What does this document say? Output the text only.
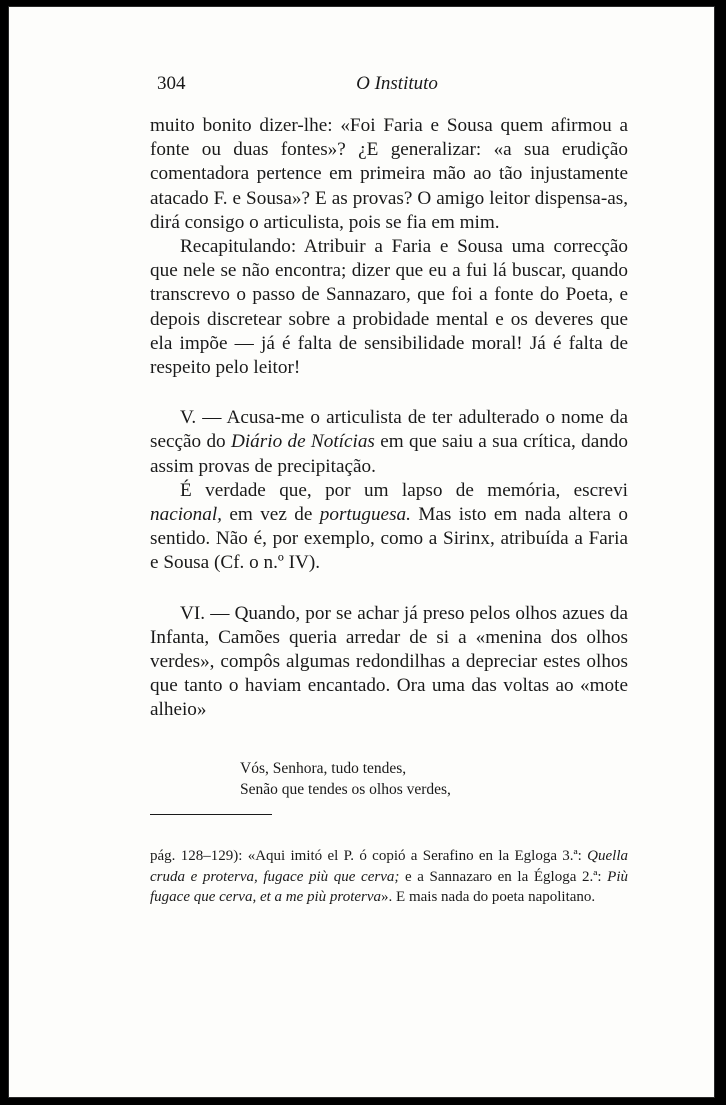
304	O Instituto

muito bonito dizer-lhe: «Foi Faria e Sousa quem afirmou a fonte ou duas fontes»? ¿E generalizar: «a sua erudição comentadora pertence em primeira mão ao tão injustamente atacado F. e Sousa»? E as provas? O amigo leitor dispensa-as, dirá consigo o articulista, pois se fia em mim.

Recapitulando: Atribuir a Faria e Sousa uma correcção que nele se não encontra; dizer que eu a fui lá buscar, quando transcrevo o passo de Sannazaro, que foi a fonte do Poeta, e depois discretear sobre a probidade mental e os deveres que ela impõe — já é falta de sensibilidade moral! Já é falta de respeito pelo leitor!

V. — Acusa-me o articulista de ter adulterado o nome da secção do Diário de Notícias em que saiu a sua crítica, dando assim provas de precipitação.

É verdade que, por um lapso de memória, escrevi nacional, em vez de portuguesa. Mas isto em nada altera o sentido. Não é, por exemplo, como a Sirinx, atribuída a Faria e Sousa (Cf. o n.º IV).

VI. — Quando, por se achar já preso pelos olhos azues da Infanta, Camões queria arredar de si a «menina dos olhos verdes», compôs algumas redondilhas a depreciar estes olhos que tanto o haviam encantado. Ora uma das voltas ao «mote alheio»

Vós, Senhora, tudo tendes,
Senão que tendes os olhos verdes,

pág. 128–129): «Aqui imitó el P. ó copió a Serafino en la Egloga 3.ª: Quella cruda e proterva, fugace più que cerva; e a Sannazaro en la Égloga 2.ª: Più fugace que cerva, et a me più proterva». E mais nada do poeta napolitano.
